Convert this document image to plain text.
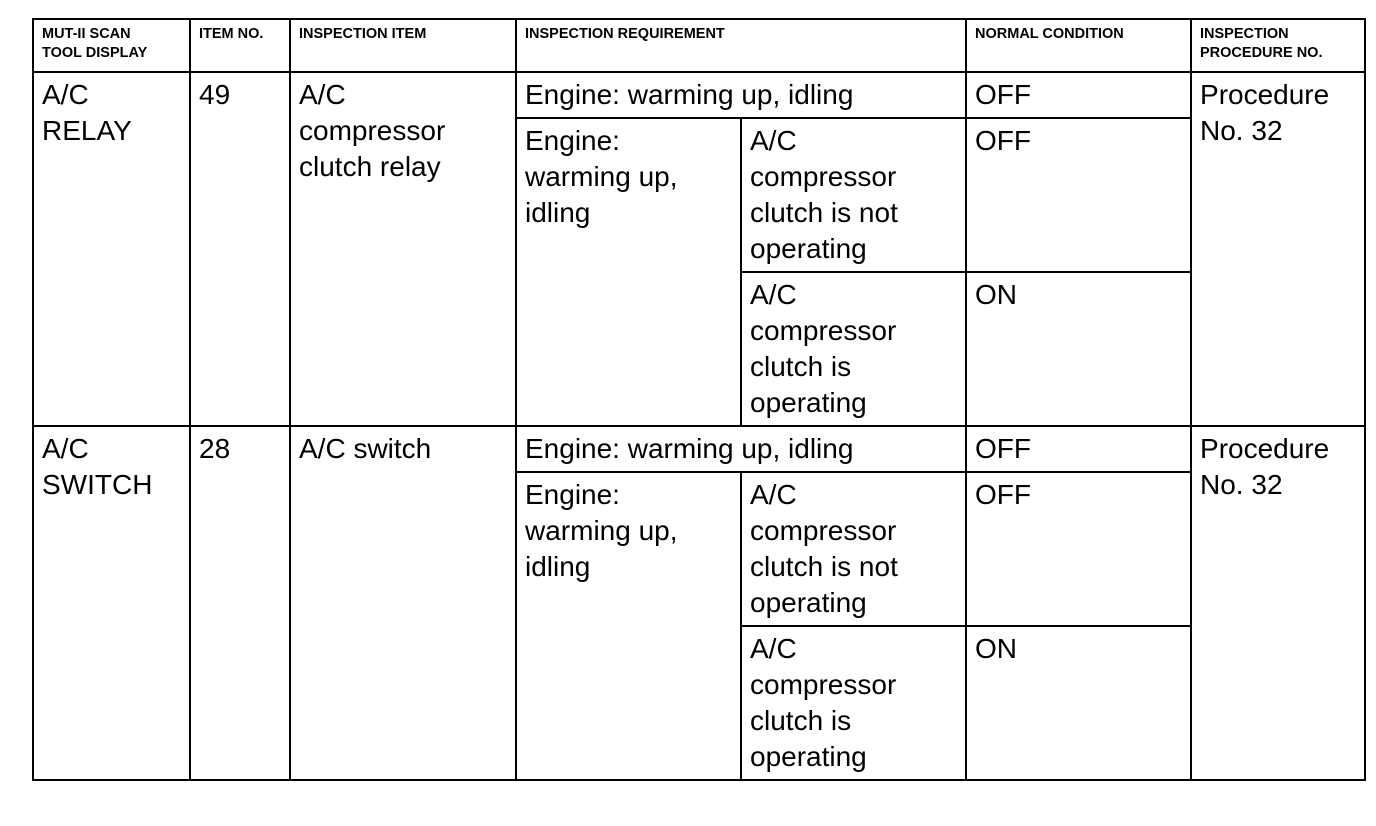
MUT-II SCAN
TOOL DISPLAY	ITEM NO.	INSPECTION ITEM	INSPECTION REQUIREMENT		NORMAL CONDITION	INSPECTION
PROCEDURE NO.
A/C
RELAY	49	A/C
compressor
clutch relay	Engine: warming up, idling		OFF	Procedure
No. 32
			Engine:
warming up,
idling	A/C
compressor
clutch is not
operating	OFF	
				A/C
compressor
clutch is
operating	ON	
A/C
SWITCH	28	A/C switch	Engine: warming up, idling		OFF	Procedure
No. 32
			Engine:
warming up,
idling	A/C
compressor
clutch is not
operating	OFF	
				A/C
compressor
clutch is
operating	ON	
